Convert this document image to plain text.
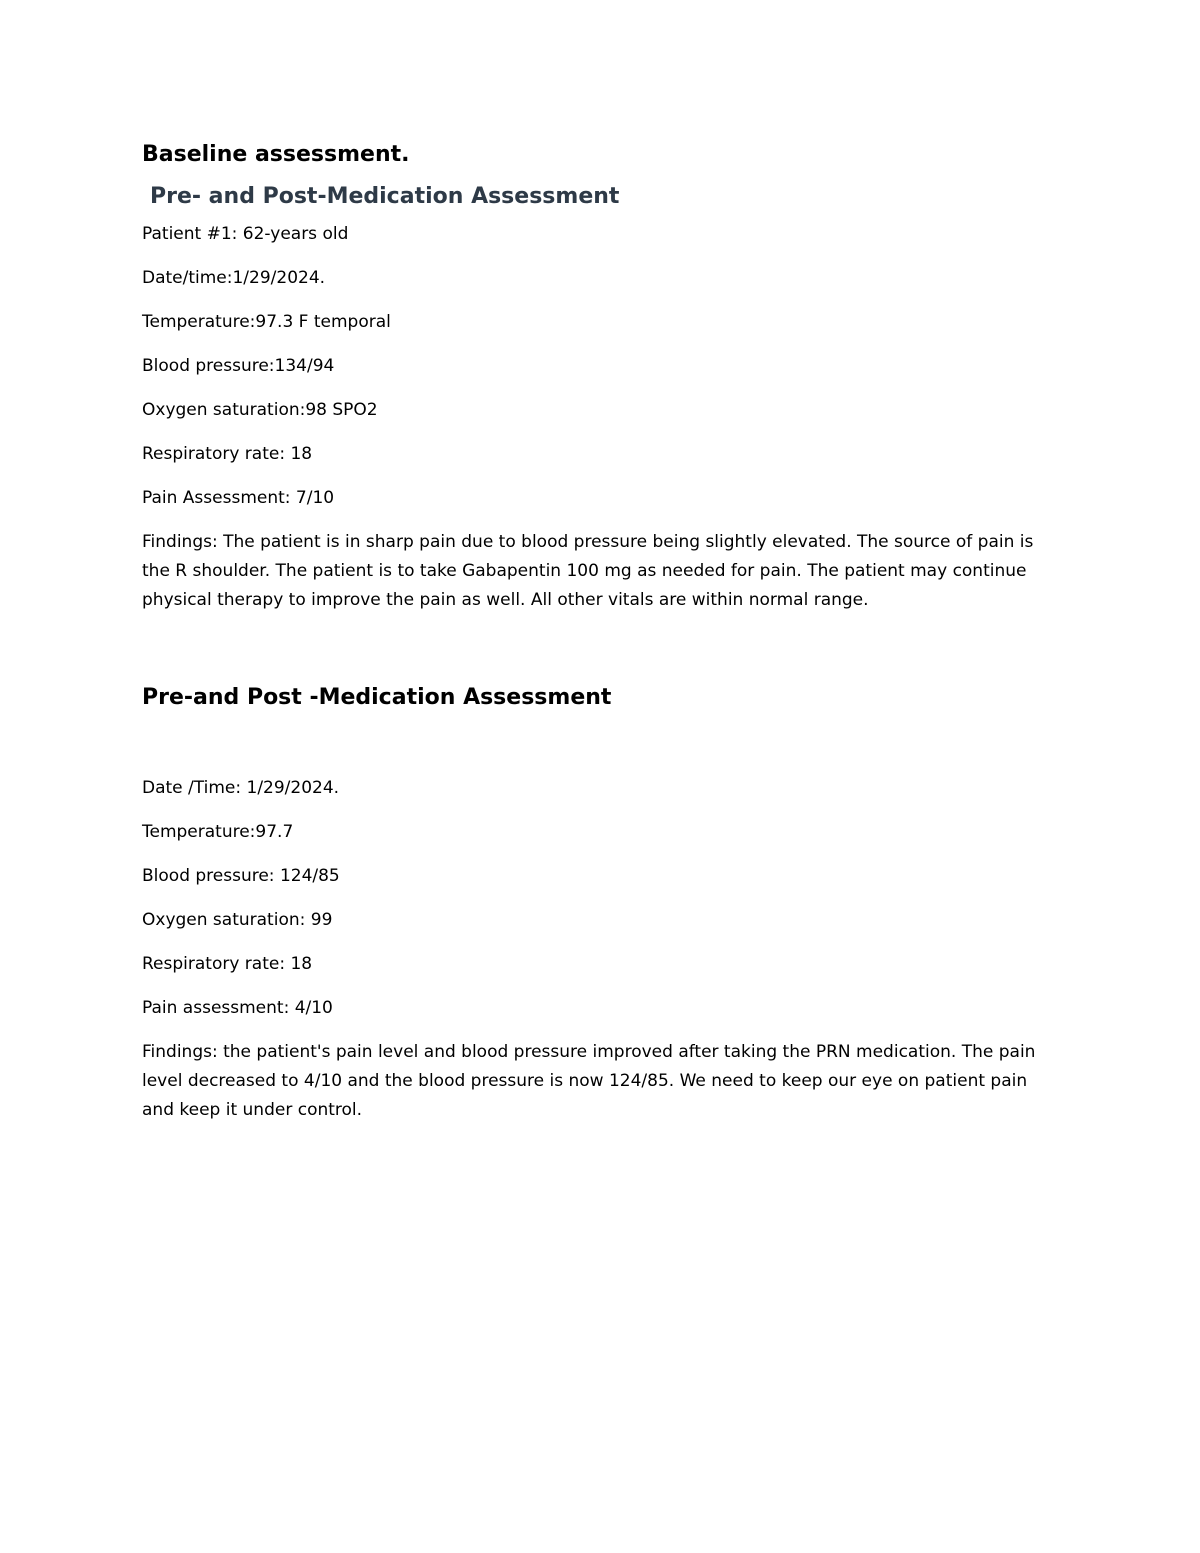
Baseline assessment.
Pre- and Post-Medication Assessment
Patient #1: 62-years old
Date/time:1/29/2024.
Temperature:97.3 F temporal
Blood pressure:134/94
Oxygen saturation:98 SPO2
Respiratory rate: 18
Pain Assessment: 7/10

Findings: The patient is in sharp pain due to blood pressure being slightly elevated. The source of pain is the R shoulder. The patient is to take Gabapentin 100 mg as needed for pain. The patient may continue physical therapy to improve the pain as well. All other vitals are within normal range.

Pre-and Post -Medication Assessment
Date /Time: 1/29/2024.
Temperature:97.7
Blood pressure: 124/85
Oxygen saturation: 99
Respiratory rate: 18
Pain assessment: 4/10

Findings: the patient's pain level and blood pressure improved after taking the PRN medication. The pain level decreased to 4/10 and the blood pressure is now 124/85. We need to keep our eye on patient pain and keep it under control.
